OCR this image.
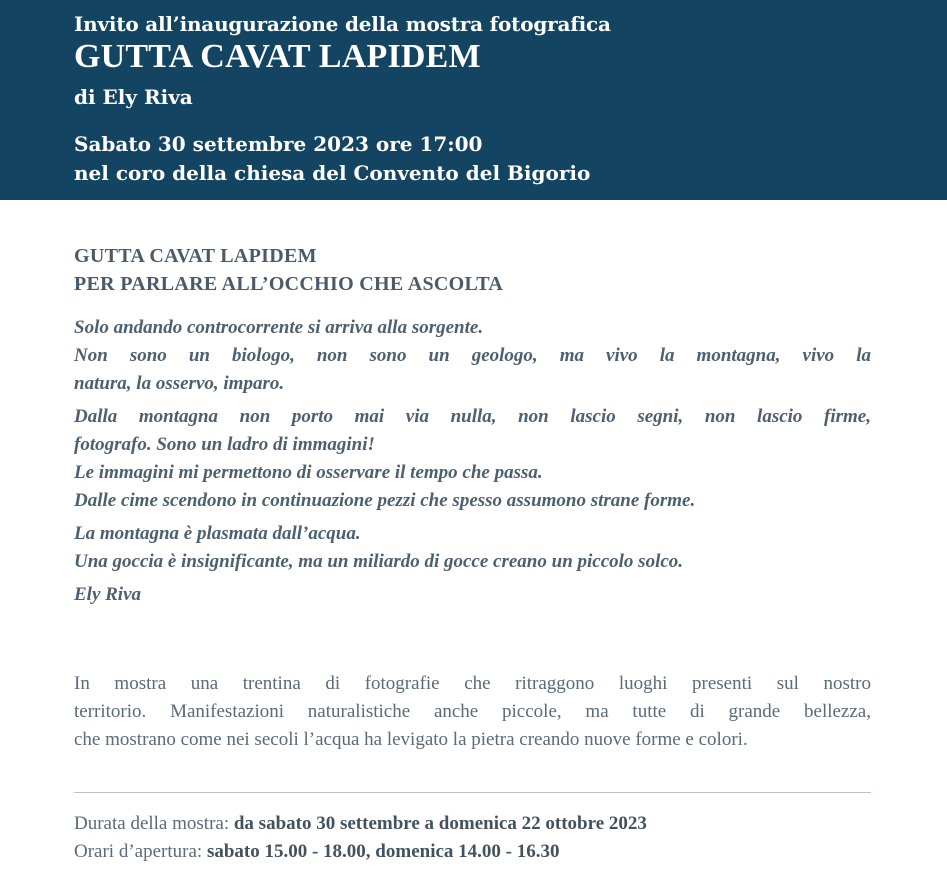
Invito all’inaugurazione della mostra fotografica
GUTTA CAVAT LAPIDEM
di Ely Riva
Sabato 30 settembre 2023 ore 17:00
nel coro della chiesa del Convento del Bigorio
GUTTA CAVAT LAPIDEM
PER PARLARE ALL’OCCHIO CHE ASCOLTA

Solo andando controcorrente si arriva alla sorgente.
Non sono un biologo, non sono un geologo, ma vivo la montagna, vivo la
natura, la osservo, imparo.

Dalla montagna non porto mai via nulla, non lascio segni, non lascio firme,
fotografo. Sono un ladro di immagini!
Le immagini mi permettono di osservare il tempo che passa.
Dalle cime scendono in continuazione pezzi che spesso assumono strane forme.

La montagna è plasmata dall’acqua.
Una goccia è insignificante, ma un miliardo di gocce creano un piccolo solco.

Ely Riva

In mostra una trentina di fotografie che ritraggono luoghi presenti sul nostro
territorio. Manifestazioni naturalistiche anche piccole, ma tutte di grande bellezza,
che mostrano come nei secoli l’acqua ha levigato la pietra creando nuove forme e colori.
Durata della mostra: da sabato 30 settembre a domenica 22 ottobre 2023
Orari d’apertura: sabato 15.00 - 18.00, domenica 14.00 - 16.30
